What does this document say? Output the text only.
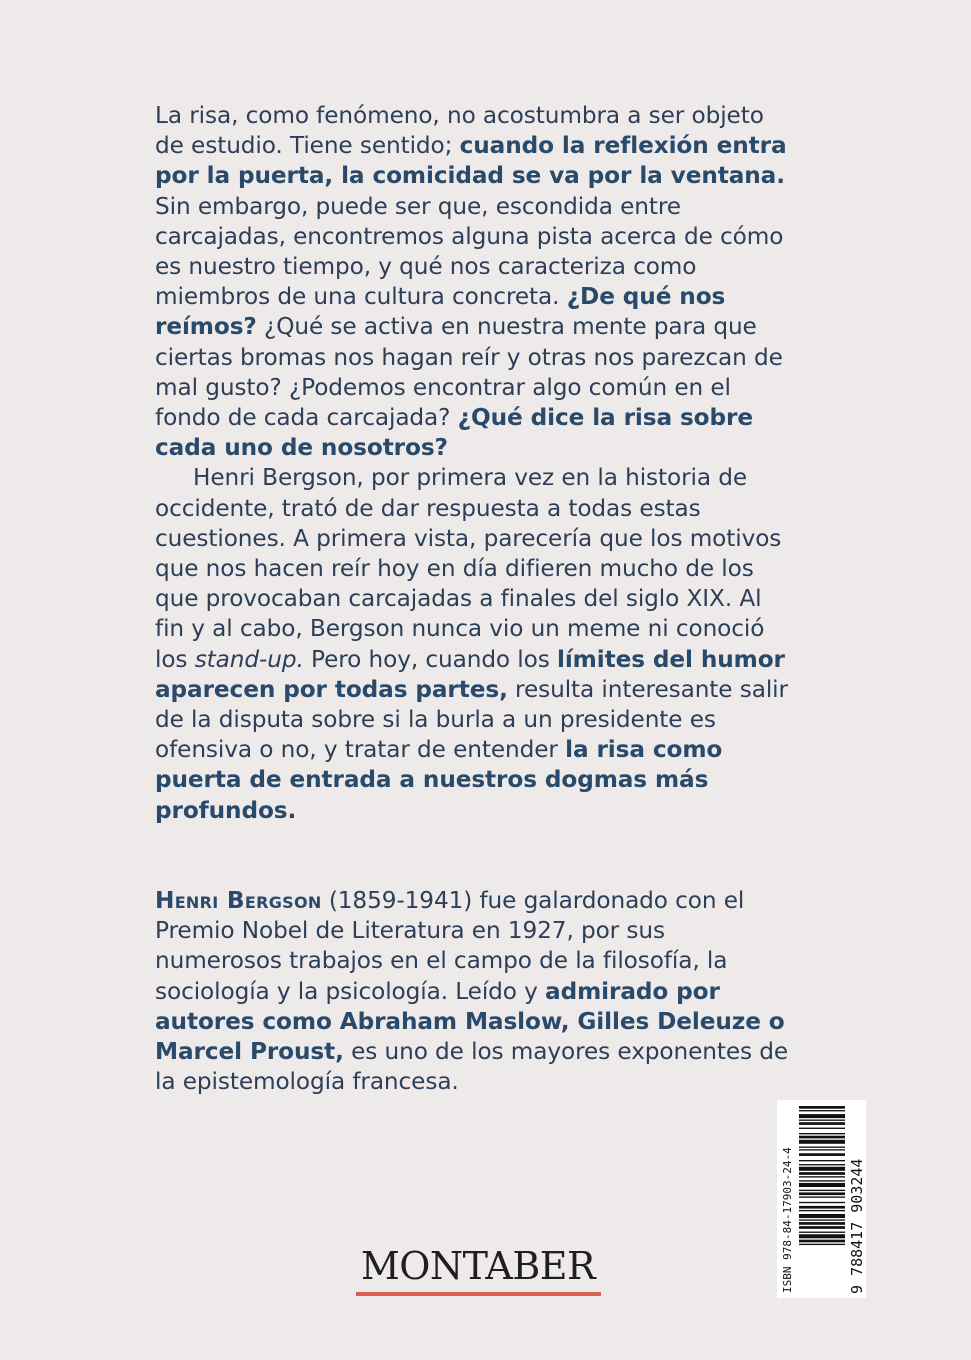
La risa, como fenómeno, no acostumbra a ser objeto de estudio. Tiene sentido; cuando la reflexión entra por la puerta, la comicidad se va por la ventana. Sin embargo, puede ser que, escondida entre carcajadas, encontremos alguna pista acerca de cómo es nuestro tiempo, y qué nos caracteriza como miembros de una cultura concreta. ¿De qué nos reímos? ¿Qué se activa en nuestra mente para que ciertas bromas nos hagan reír y otras nos parezcan de mal gusto? ¿Podemos encontrar algo común en el fondo de cada carcajada? ¿Qué dice la risa sobre cada uno de nosotros?

Henri Bergson, por primera vez en la historia de occidente, trató de dar respuesta a todas estas cuestiones. A primera vista, parecería que los motivos que nos hacen reír hoy en día difieren mucho de los que provocaban carcajadas a finales del siglo XIX. Al fin y al cabo, Bergson nunca vio un meme ni conoció los stand-up. Pero hoy, cuando los límites del humor aparecen por todas partes, resulta interesante salir de la disputa sobre si la burla a un presidente es ofensiva o no, y tratar de entender la risa como puerta de entrada a nuestros dogmas más profundos.

Henri Bergson (1859-1941) fue galardonado con el Premio Nobel de Literatura en 1927, por sus numerosos trabajos en el campo de la filosofía, la sociología y la psicología. Leído y admirado por autores como Abraham Maslow, Gilles Deleuze o Marcel Proust, es uno de los mayores exponentes de la epistemología francesa.

ISBN 978-84-17903-24-4	9 788417 903244
MONTABER
